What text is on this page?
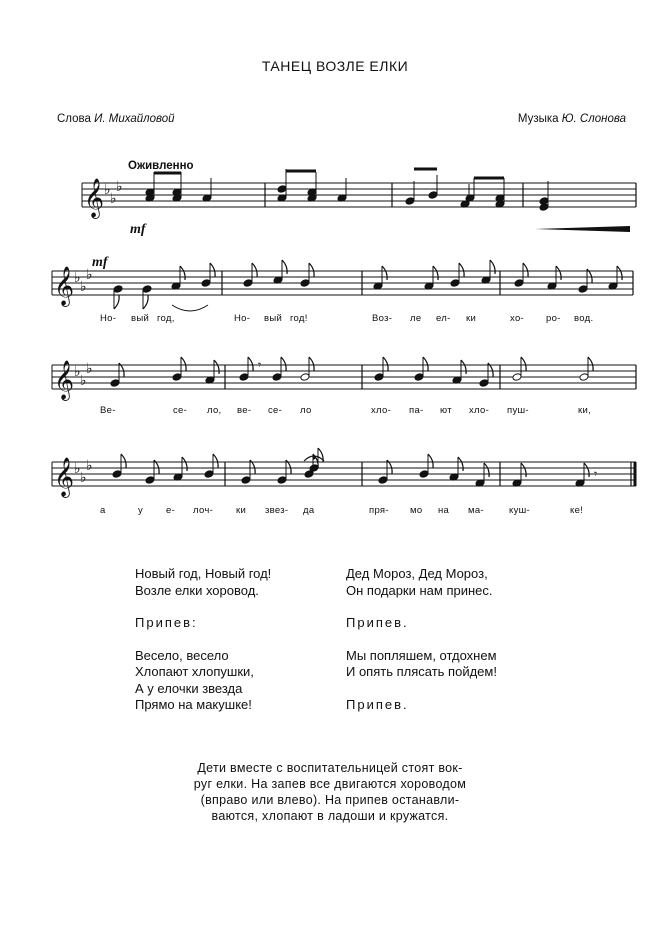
ТАНЕЦ ВОЗЛЕ ЕЛКИ
Слова И. Михайловой	Музыка Ю. Слонова
Оживленно
mf
mf
𝄞 ♭
♭
♭
𝄞 ♭
♭
♭
𝄞 ♭
♭
♭
𝄞 ♭
♭
♭
𝄾
𝄾
Но- вый год,	Но- вый год!	Воз- ле ел- ки	хо- ро- вод.
Ве-	се- ло, ве- се- ло	хло- па- ют хло- пуш-	ки,
а	у е- лоч- ки звез- да	пря- мо на ма-	куш-	ке!
Новый год, Новый год!
Возле елки хоровод.
Припев:
Весело, весело
Хлопают хлопушки,
А у елочки звезда
Прямо на макушке!
Дед Мороз, Дед Мороз,
Он подарки нам принес.
Припев.
Мы попляшем, отдохнем
И опять плясать пойдем!
Припев.
Дети вместе с воспитательницей стоят вок-
руг елки. На запев все двигаются хороводом
(вправо или влево). На припев останавли-
ваются, хлопают в ладоши и кружатся.
